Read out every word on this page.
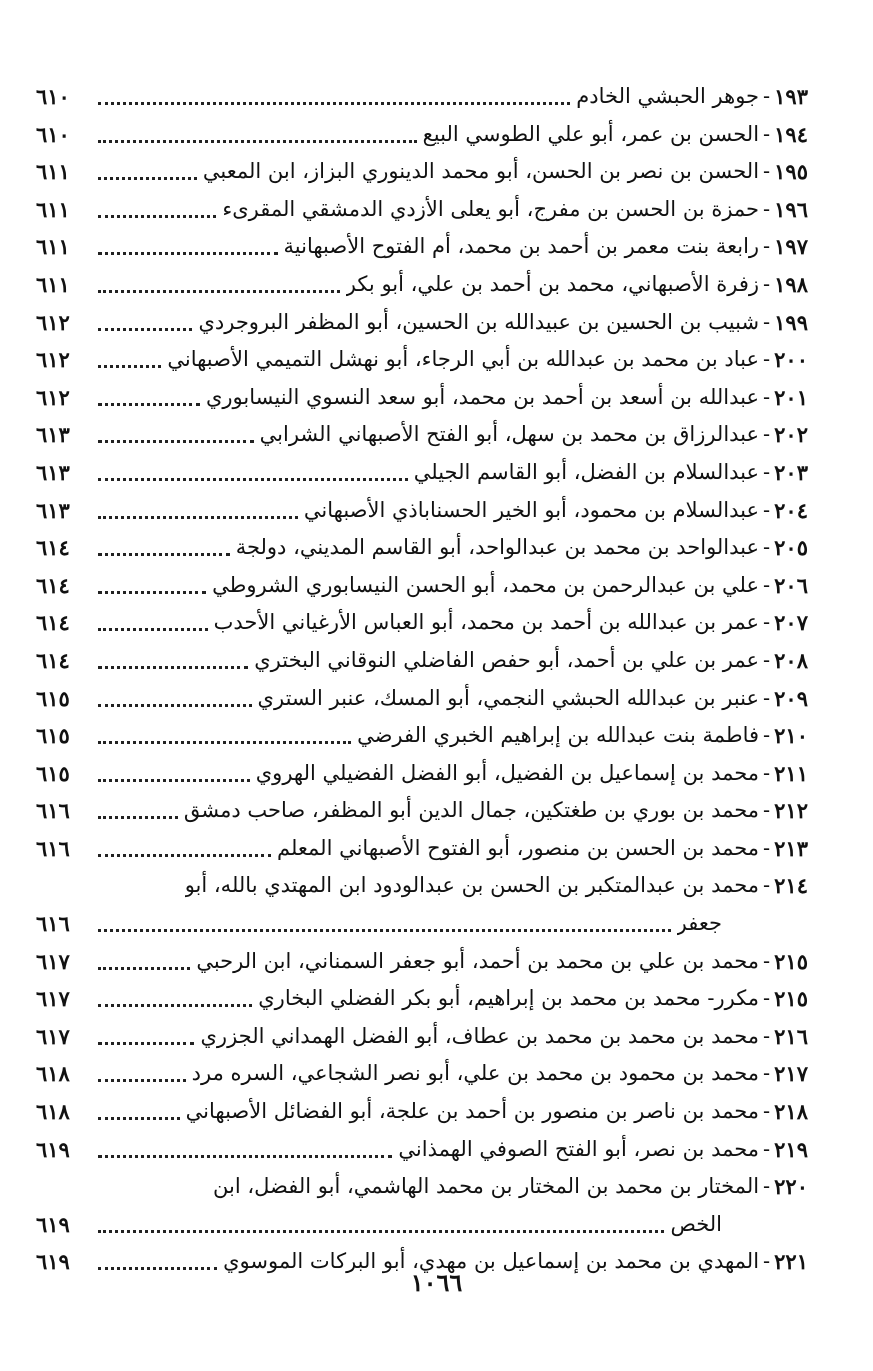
١٩٣
-
جوهر الحبشي الخادم
٦١٠
١٩٤
-
الحسن بن عمر، أبو علي الطوسي البيع
٦١٠
١٩٥
-
الحسن بن نصر بن الحسن، أبو محمد الدينوري البزاز، ابن المعبي
٦١١
١٩٦
-
حمزة بن الحسن بن مفرج، أبو يعلى الأزدي الدمشقي المقرىء
٦١١
١٩٧
-
رابعة بنت معمر بن أحمد بن محمد، أم الفتوح الأصبهانية
٦١١
١٩٨
-
زفرة الأصبهاني، محمد بن أحمد بن علي، أبو بكر
٦١١
١٩٩
-
شبيب بن الحسين بن عبيدالله بن الحسين، أبو المظفر البروجردي
٦١٢
٢٠٠
-
عباد بن محمد بن عبدالله بن أبي الرجاء، أبو نهشل التميمي الأصبهاني
٦١٢
٢٠١
-
عبدالله بن أسعد بن أحمد بن محمد، أبو سعد النسوي النيسابوري
٦١٢
٢٠٢
-
عبدالرزاق بن محمد بن سهل، أبو الفتح الأصبهاني الشرابي
٦١٣
٢٠٣
-
عبدالسلام بن الفضل، أبو القاسم الجيلي
٦١٣
٢٠٤
-
عبدالسلام بن محمود، أبو الخير الحسناباذي الأصبهاني
٦١٣
٢٠٥
-
عبدالواحد بن محمد بن عبدالواحد، أبو القاسم المديني، دولجة
٦١٤
٢٠٦
-
علي بن عبدالرحمن بن محمد، أبو الحسن النيسابوري الشروطي
٦١٤
٢٠٧
-
عمر بن عبدالله بن أحمد بن محمد، أبو العباس الأرغياني الأحدب
٦١٤
٢٠٨
-
عمر بن علي بن أحمد، أبو حفص الفاضلي النوقاني البختري
٦١٤
٢٠٩
-
عنبر بن عبدالله الحبشي النجمي، أبو المسك، عنبر الستري
٦١٥
٢١٠
-
فاطمة بنت عبدالله بن إبراهيم الخبري الفرضي
٦١٥
٢١١
-
محمد بن إسماعيل بن الفضيل، أبو الفضل الفضيلي الهروي
٦١٥
٢١٢
-
محمد بن بوري بن طغتكين، جمال الدين أبو المظفر، صاحب دمشق
٦١٦
٢١٣
-
محمد بن الحسن بن منصور، أبو الفتوح الأصبهاني المعلم
٦١٦
٢١٤
-
محمد بن عبدالمتكبر بن الحسن بن عبدالودود ابن المهتدي بالله، أبو
جعفر
٦١٦
٢١٥
-
محمد بن علي بن محمد بن أحمد، أبو جعفر السمناني، ابن الرحبي
٦١٧
٢١٥
-
مكرر- محمد بن محمد بن إبراهيم، أبو بكر الفضلي البخاري
٦١٧
٢١٦
-
محمد بن محمد بن محمد بن عطاف، أبو الفضل الهمداني الجزري
٦١٧
٢١٧
-
محمد بن محمود بن محمد بن علي، أبو نصر الشجاعي، السره مرد
٦١٨
٢١٨
-
محمد بن ناصر بن منصور بن أحمد بن علجة، أبو الفضائل الأصبهاني
٦١٨
٢١٩
-
محمد بن نصر، أبو الفتح الصوفي الهمذاني
٦١٩
٢٢٠
-
المختار بن محمد بن المختار بن محمد الهاشمي، أبو الفضل، ابن
الخص
٦١٩
٢٢١
-
المهدي بن محمد بن إسماعيل بن مهدي، أبو البركات الموسوي
٦١٩
١٠٦٦
